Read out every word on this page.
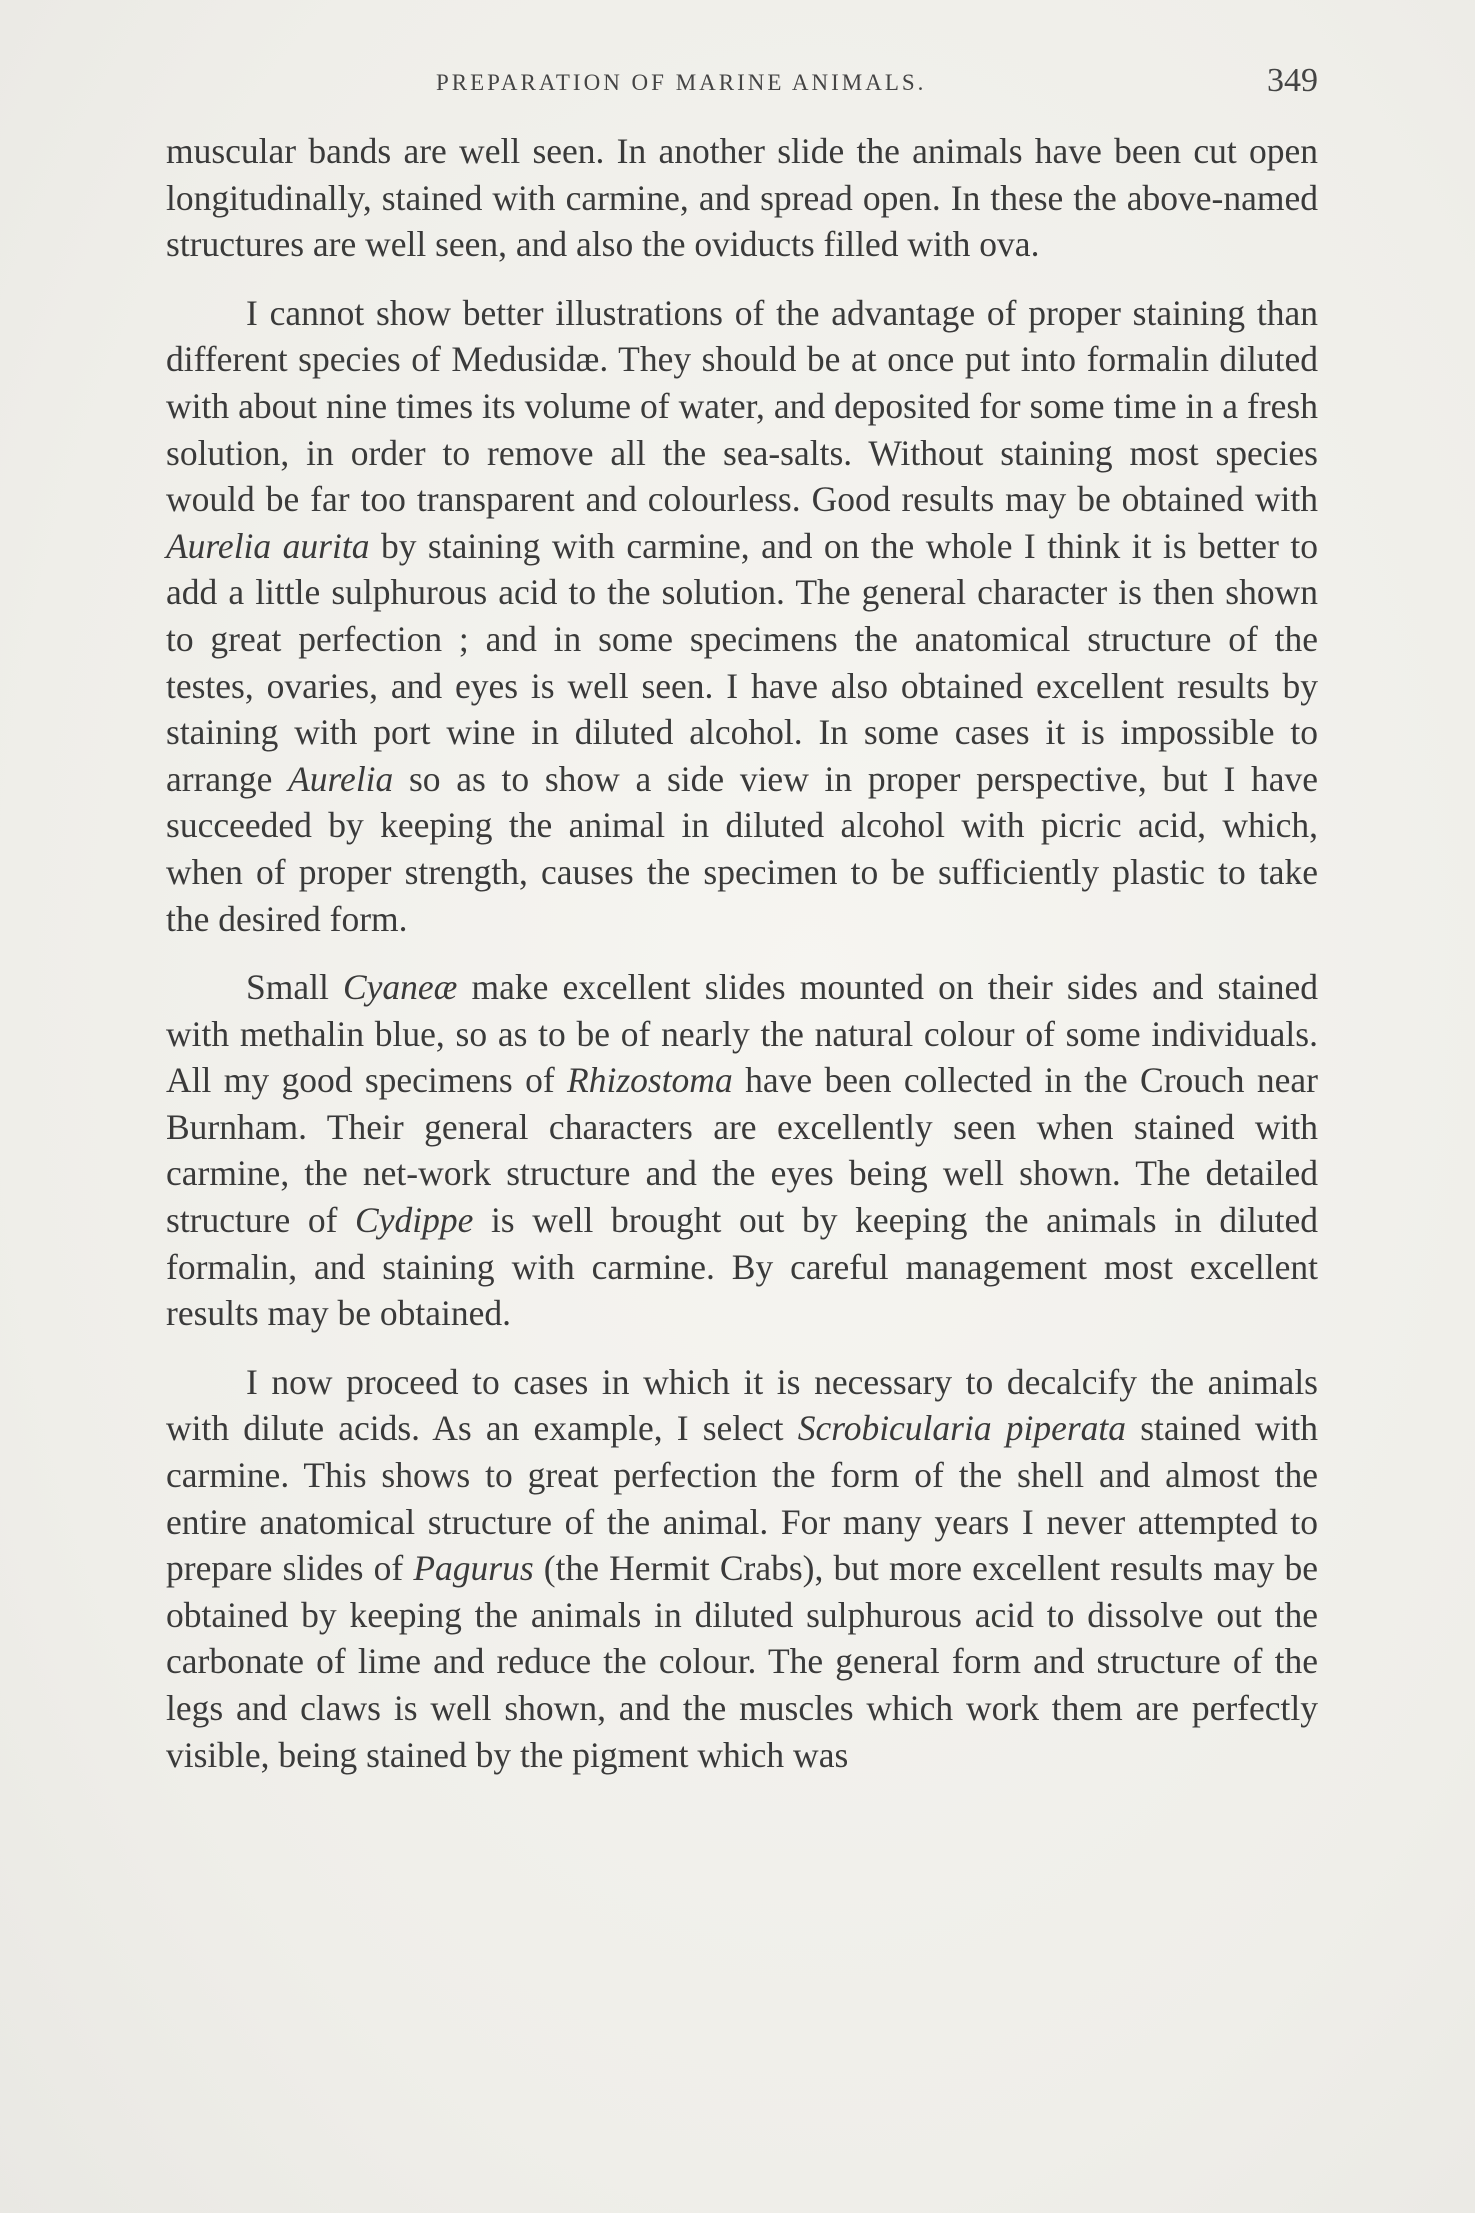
PREPARATION OF MARINE ANIMALS.	349

muscular bands are well seen. In another slide the animals have been cut open longitudinally, stained with carmine, and spread open. In these the above-named structures are well seen, and also the oviducts filled with ova.

I cannot show better illustrations of the advantage of proper staining than different species of Medusidæ. They should be at once put into formalin diluted with about nine times its volume of water, and deposited for some time in a fresh solution, in order to remove all the sea-salts. Without staining most species would be far too transparent and colourless. Good results may be obtained with Aurelia aurita by staining with carmine, and on the whole I think it is better to add a little sulphurous acid to the solution. The general character is then shown to great perfection ; and in some specimens the anatomical structure of the testes, ovaries, and eyes is well seen. I have also obtained excellent results by staining with port wine in diluted alcohol. In some cases it is impossible to arrange Aurelia so as to show a side view in proper perspective, but I have succeeded by keeping the animal in diluted alcohol with picric acid, which, when of proper strength, causes the specimen to be sufficiently plastic to take the desired form.

Small Cyaneæ make excellent slides mounted on their sides and stained with methalin blue, so as to be of nearly the natural colour of some individuals. All my good specimens of Rhizostoma have been collected in the Crouch near Burnham. Their general characters are excellently seen when stained with carmine, the net-work structure and the eyes being well shown. The detailed structure of Cydippe is well brought out by keeping the animals in diluted formalin, and staining with carmine. By careful management most excellent results may be obtained.

I now proceed to cases in which it is necessary to decalcify the animals with dilute acids. As an example, I select Scrobicularia piperata stained with carmine. This shows to great perfection the form of the shell and almost the entire anatomical structure of the animal. For many years I never attempted to prepare slides of Pagurus (the Hermit Crabs), but more excellent results may be obtained by keeping the animals in diluted sulphurous acid to dissolve out the carbonate of lime and reduce the colour. The general form and structure of the legs and claws is well shown, and the muscles which work them are perfectly visible, being stained by the pigment which was
